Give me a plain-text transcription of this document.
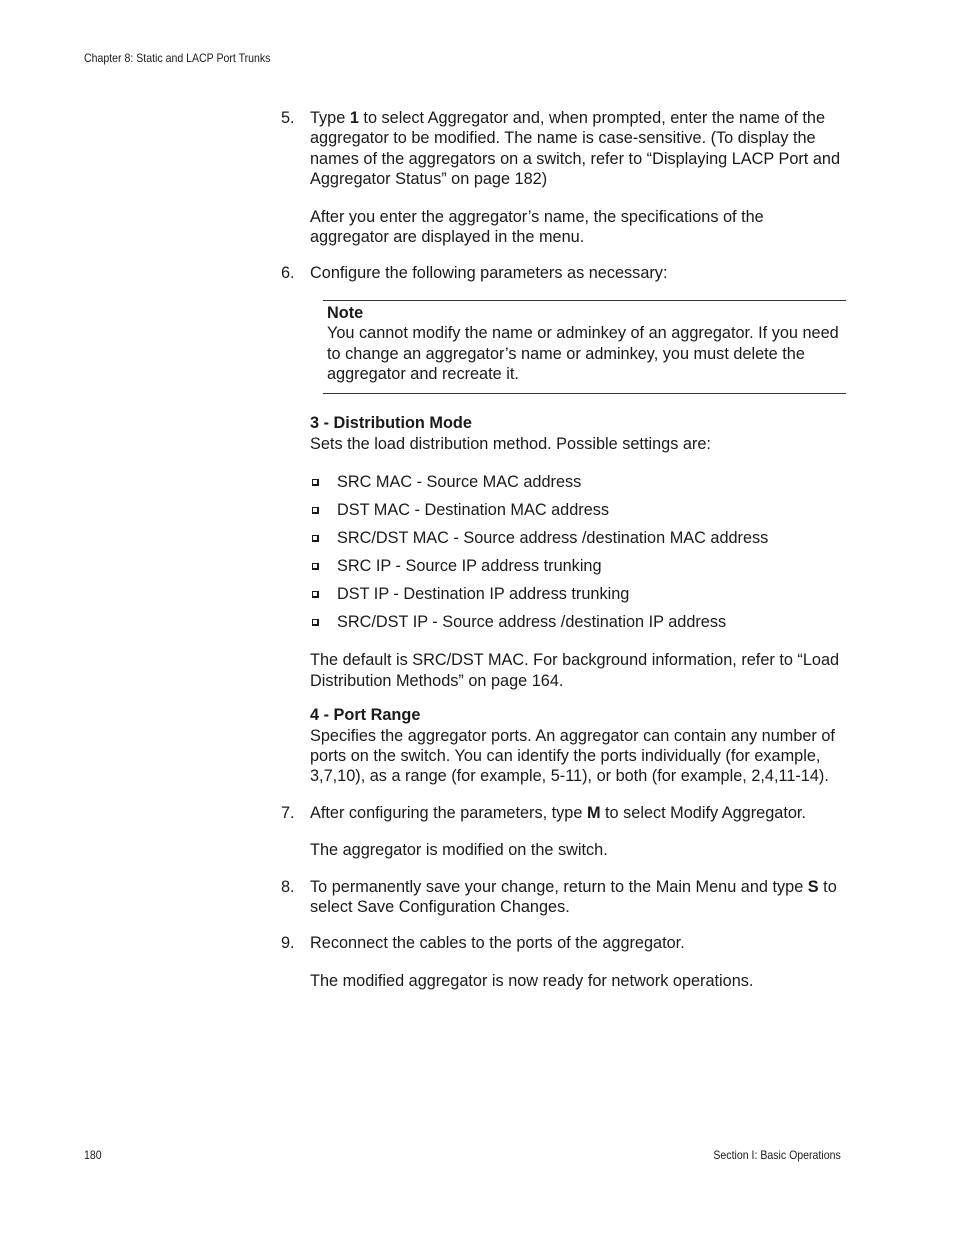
Chapter 8: Static and LACP Port Trunks
5. Type 1 to select Aggregator and, when prompted, enter the name of the aggregator to be modified. The name is case-sensitive. (To display the names of the aggregators on a switch, refer to “Displaying LACP Port and Aggregator Status” on page 182)
After you enter the aggregator’s name, the specifications of the aggregator are displayed in the menu.
6. Configure the following parameters as necessary:
Note
You cannot modify the name or adminkey of an aggregator. If you need to change an aggregator’s name or adminkey, you must delete the aggregator and recreate it.
3 - Distribution Mode
Sets the load distribution method. Possible settings are:
SRC MAC - Source MAC address
DST MAC - Destination MAC address
SRC/DST MAC - Source address /destination MAC address
SRC IP - Source IP address trunking
DST IP - Destination IP address trunking
SRC/DST IP - Source address /destination IP address
The default is SRC/DST MAC. For background information, refer to “Load Distribution Methods” on page 164.
4 - Port Range
Specifies the aggregator ports. An aggregator can contain any number of ports on the switch. You can identify the ports individually (for example, 3,7,10), as a range (for example, 5-11), or both (for example, 2,4,11-14).
7. After configuring the parameters, type M to select Modify Aggregator.
The aggregator is modified on the switch.
8. To permanently save your change, return to the Main Menu and type S to select Save Configuration Changes.
9. Reconnect the cables to the ports of the aggregator.
The modified aggregator is now ready for network operations.
180	Section I: Basic Operations
